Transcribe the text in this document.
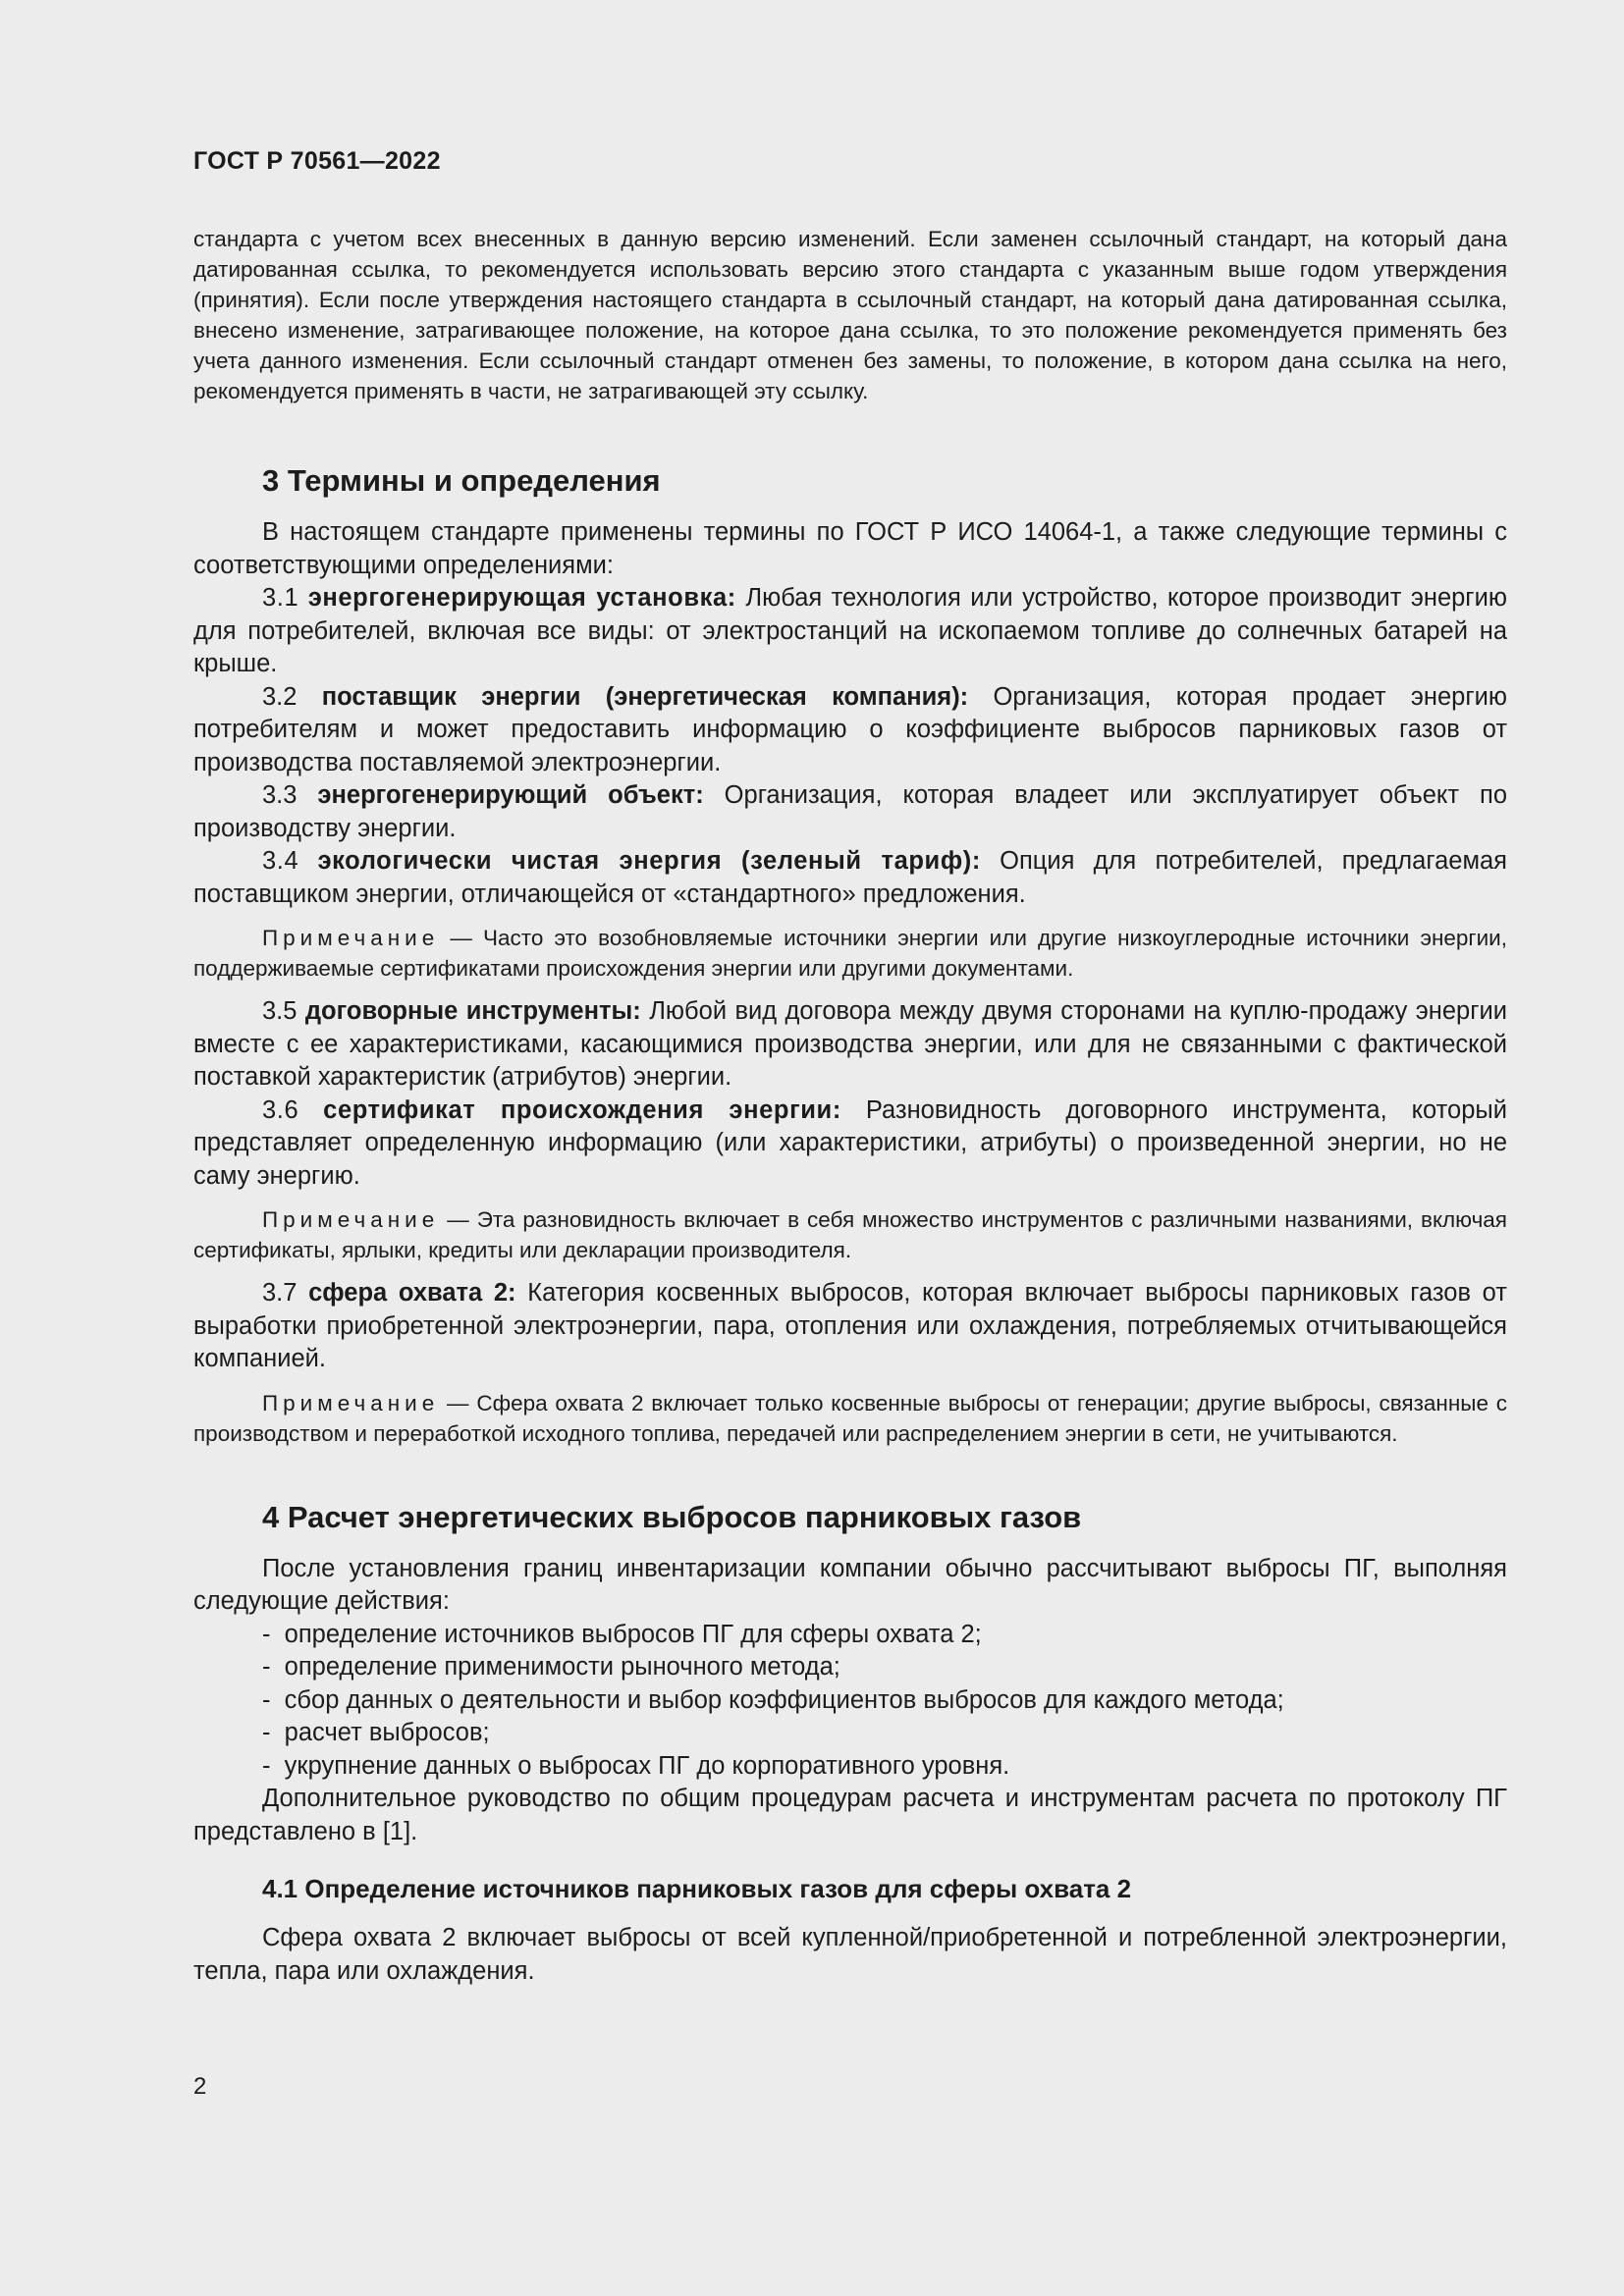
ГОСТ Р 70561—2022

стандарта с учетом всех внесенных в данную версию изменений. Если заменен ссылочный стандарт, на который дана датированная ссылка, то рекомендуется использовать версию этого стандарта с указанным выше годом утверждения (принятия). Если после утверждения настоящего стандарта в ссылочный стандарт, на который дана датированная ссылка, внесено изменение, затрагивающее положение, на которое дана ссылка, то это положение рекомендуется применять без учета данного изменения. Если ссылочный стандарт отменен без замены, то положение, в котором дана ссылка на него, рекомендуется применять в части, не затрагивающей эту ссылку.

3 Термины и определения

В настоящем стандарте применены термины по ГОСТ Р ИСО 14064-1, а также следующие термины с соответствующими определениями:

3.1 энергогенерирующая установка: Любая технология или устройство, которое производит энергию для потребителей, включая все виды: от электростанций на ископаемом топливе до солнечных батарей на крыше.

3.2 поставщик энергии (энергетическая компания): Организация, которая продает энергию потребителям и может предоставить информацию о коэффициенте выбросов парниковых газов от производства поставляемой электроэнергии.

3.3 энергогенерирующий объект: Организация, которая владеет или эксплуатирует объект по производству энергии.

3.4 экологически чистая энергия (зеленый тариф): Опция для потребителей, предлагаемая поставщиком энергии, отличающейся от «стандартного» предложения.

Примечание — Часто это возобновляемые источники энергии или другие низкоуглеродные источники энергии, поддерживаемые сертификатами происхождения энергии или другими документами.

3.5 договорные инструменты: Любой вид договора между двумя сторонами на куплю-продажу энергии вместе с ее характеристиками, касающимися производства энергии, или для не связанными с фактической поставкой характеристик (атрибутов) энергии.

3.6 сертификат происхождения энергии: Разновидность договорного инструмента, который представляет определенную информацию (или характеристики, атрибуты) о произведенной энергии, но не саму энергию.

Примечание — Эта разновидность включает в себя множество инструментов с различными названиями, включая сертификаты, ярлыки, кредиты или декларации производителя.

3.7 сфера охвата 2: Категория косвенных выбросов, которая включает выбросы парниковых газов от выработки приобретенной электроэнергии, пара, отопления или охлаждения, потребляемых отчитывающейся компанией.

Примечание — Сфера охвата 2 включает только косвенные выбросы от генерации; другие выбросы, связанные с производством и переработкой исходного топлива, передачей или распределением энергии в сети, не учитываются.

4 Расчет энергетических выбросов парниковых газов

После установления границ инвентаризации компании обычно рассчитывают выбросы ПГ, выполняя следующие действия:

-  определение источников выбросов ПГ для сферы охвата 2;
-  определение применимости рыночного метода;
-  сбор данных о деятельности и выбор коэффициентов выбросов для каждого метода;
-  расчет выбросов;
-  укрупнение данных о выбросах ПГ до корпоративного уровня.

Дополнительное руководство по общим процедурам расчета и инструментам расчета по протоколу ПГ представлено в [1].

4.1 Определение источников парниковых газов для сферы охвата 2

Сфера охвата 2 включает выбросы от всей купленной/приобретенной и потребленной электроэнергии, тепла, пара или охлаждения.

2
